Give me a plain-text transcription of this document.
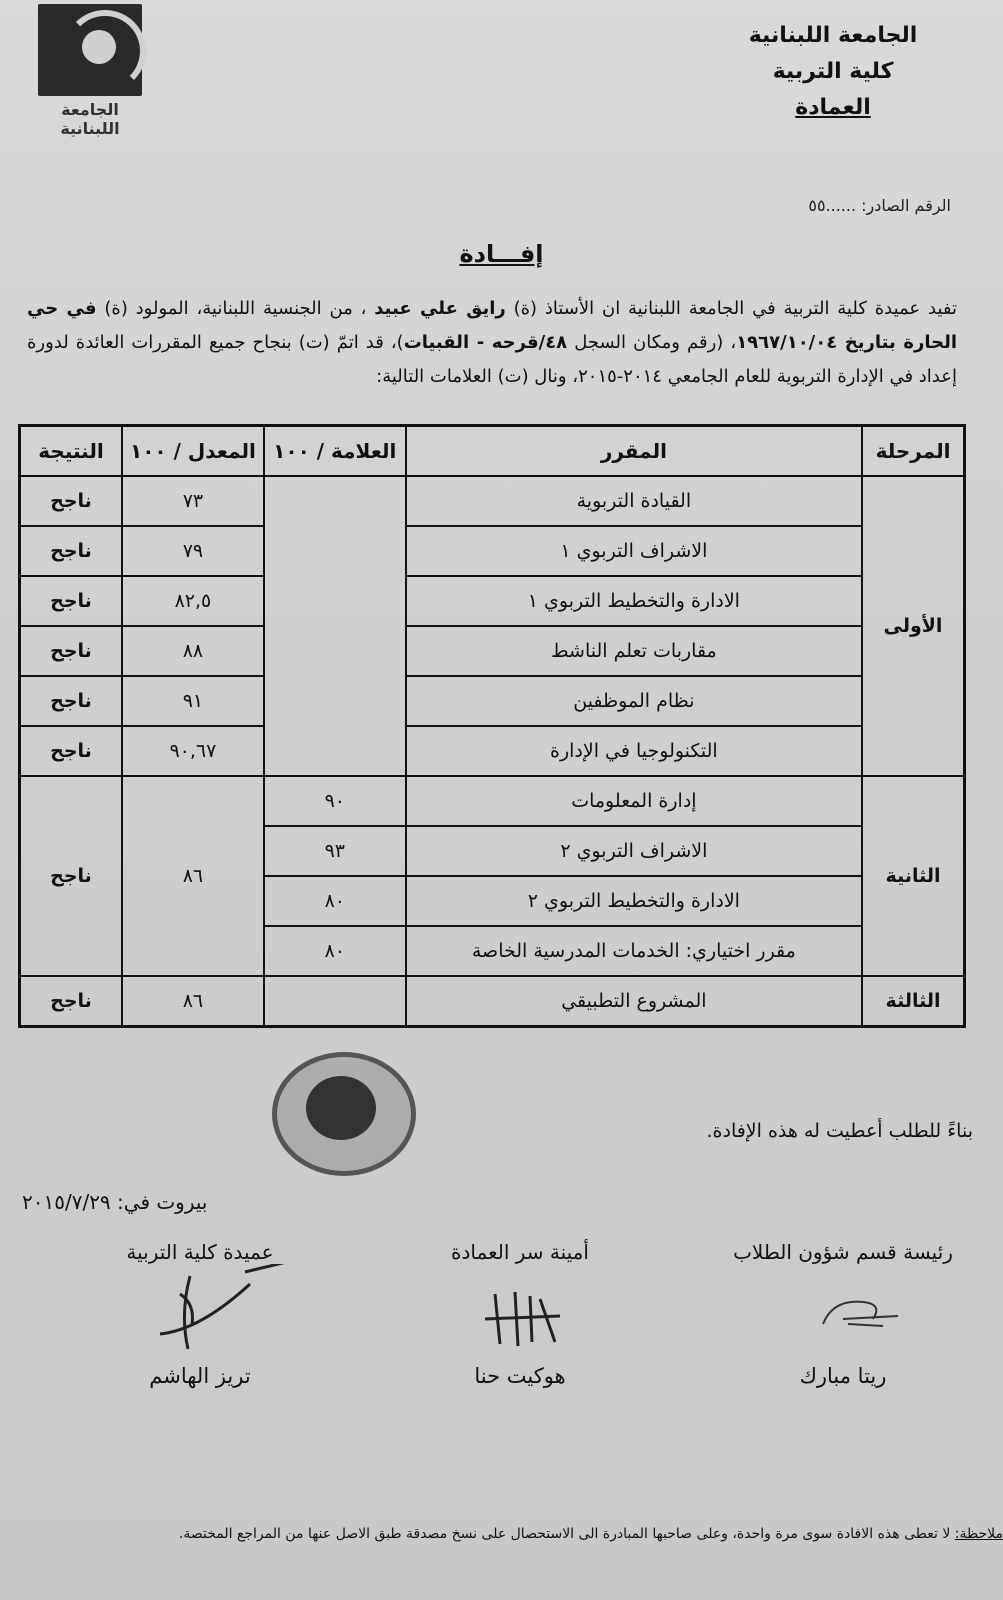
الجامعة اللبنانية
كلية التربية
العمادة
الجامعة اللبنانية
الرقم الصادر: ......٥٥
إفـــادة
تفيد عميدة كلية التربية في الجامعة اللبنانية ان الأستاذ (ة) رايق علي عبيد ، من الجنسية اللبنانية، المولود (ة) في حي الحارة بتاريخ ١٩٦٧/١٠/٠٤، (رقم ومكان السجل ٤٨/قرحه - القبيات)، قد اتمّ (ت) بنجاح جميع المقررات العائدة لدورة إعداد في الإدارة التربوية للعام الجامعي ٢٠١٤-٢٠١٥، ونال (ت) العلامات التالية:
المرحلة	المقرر	العلامة / ١٠٠	المعدل / ١٠٠	النتيجة
الأولى	القيادة التربوية		٧٣	ناجح
	الاشراف التربوي ١		٧٩	ناجح
	الادارة والتخطيط التربوي ١		٨٢,٥	ناجح
	مقاربات تعلم الناشط		٨٨	ناجح
	نظام الموظفين		٩١	ناجح
	التكنولوجيا في الإدارة		٩٠,٦٧	ناجح
الثانية	إدارة المعلومات	٩٠	٨٦	ناجح
	الاشراف التربوي ٢	٩٣		
	الادارة والتخطيط التربوي ٢	٨٠		
	مقرر اختياري: الخدمات المدرسية الخاصة	٨٠		
الثالثة	المشروع التطبيقي		٨٦	ناجح
بناءً للطلب أعطيت له هذه الإفادة.
بيروت في: ٢٠١٥/٧/٢٩
رئيسة قسم شؤون الطلاب
ريتا مبارك
أمينة سر العمادة
هوكيت حنا
عميدة كلية التربية
تريز الهاشم
ملاحظة: لا تعطى هذه الافادة سوى مرة واحدة، وعلى صاحبها المبادرة الى الاستحصال على نسخ مصدقة طبق الاصل عنها من المراجع المختصة.
